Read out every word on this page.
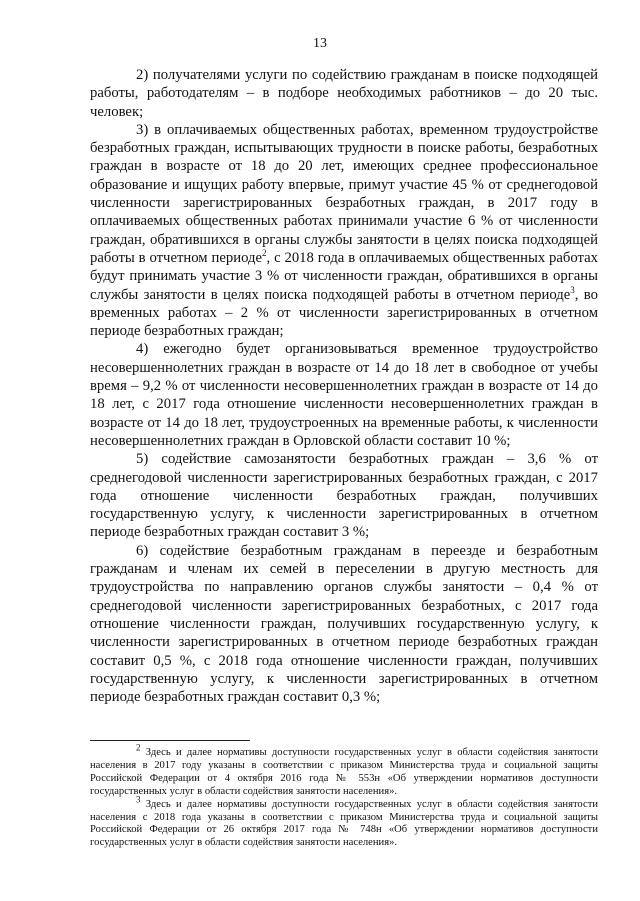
13

2) получателями услуги по содействию гражданам в поиске подходящей работы, работодателям – в подборе необходимых работников – до 20 тыс. человек;

3) в оплачиваемых общественных работах, временном трудоустройстве безработных граждан, испытывающих трудности в поиске работы, безработных граждан в возрасте от 18 до 20 лет, имеющих среднее профессиональное образование и ищущих работу впервые, примут участие 45 % от среднегодовой численности зарегистрированных безработных граждан, в 2017 году в оплачиваемых общественных работах принимали участие 6 % от численности граждан, обратившихся в органы службы занятости в целях поиска подходящей работы в отчетном периоде$^2$, с 2018 года в оплачиваемых общественных работах будут принимать участие 3 % от численности граждан, обратившихся в органы службы занятости в целях поиска подходящей работы в отчетном периоде$^3$, во временных работах – 2 % от численности зарегистрированных в отчетном периоде безработных граждан;

4) ежегодно будет организовываться временное трудоустройство несовершеннолетних граждан в возрасте от 14 до 18 лет в свободное от учебы время – 9,2 % от численности несовершеннолетних граждан в возрасте от 14 до 18 лет, с 2017 года отношение численности несовершеннолетних граждан в возрасте от 14 до 18 лет, трудоустроенных на временные работы, к численности несовершеннолетних граждан в Орловской области составит 10 %;

5) содействие самозанятости безработных граждан – 3,6 % от среднегодовой численности зарегистрированных безработных граждан, с 2017 года отношение численности безработных граждан, получивших государственную услугу, к численности зарегистрированных в отчетном периоде безработных граждан составит 3 %;

6) содействие безработным гражданам в переезде и безработным гражданам и членам их семей в переселении в другую местность для трудоустройства по направлению органов службы занятости – 0,4 % от среднегодовой численности зарегистрированных безработных, с 2017 года отношение численности граждан, получивших государственную услугу, к численности зарегистрированных в отчетном периоде безработных граждан составит 0,5 %, с 2018 года отношение численности граждан, получивших государственную услугу, к численности зарегистрированных в отчетном периоде безработных граждан составит 0,3 %;

$^2$ Здесь и далее нормативы доступности государственных услуг в области содействия занятости населения в 2017 году указаны в соответствии с приказом Министерства труда и социальной защиты Российской Федерации от 4 октября 2016 года № 553н «Об утверждении нормативов доступности государственных услуг в области содействия занятости населения».

$^3$ Здесь и далее нормативы доступности государственных услуг в области содействия занятости населения с 2018 года указаны в соответствии с приказом Министерства труда и социальной защиты Российской Федерации от 26 октября 2017 года № 748н «Об утверждении нормативов доступности государственных услуг в области содействия занятости населения».
